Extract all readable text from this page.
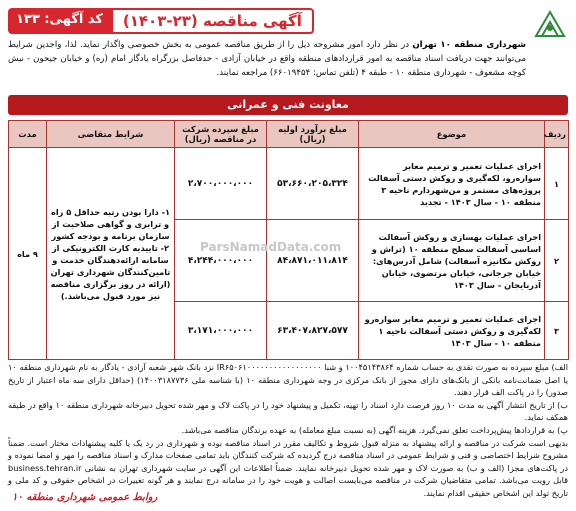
کد آگهی: ۱۳۳	آگهی مناقصه (۲۳-۱۴۰۳)
شهرداری منطقه ۱۰ تهران در نظر دارد امور مشروحه ذیل را از طریق مناقصه عمومی به بخش خصوصی واگذار نماید. لذا، واجدین شرایط می‌توانند جهت دریافت اسناد مناقصه به امور قراردادهای منطقه واقع در خیابان آزادی - حدفاصل بزرگراه یادگار امام (ره) و خیابان جیحون - نبش کوچه مشعوف - شهرداری منطقه ۱۰ - طبقه ۴ (تلفن تماس: ۶۶۰۱۹۴۵۴) مراجعه نمایند.
معاونت فنی و عمرانی
ردیف	موضوع	مبلغ برآورد اولیه (ریال)	مبلغ سپرده شرکت در مناقصه (ریال)	شرایط متقاضی	مدت
۱	اجرای عملیات تعمیر و ترمیم معابر سواره‌رو، لکه‌گیری و روکش دستی آسفالت پروژه‌های مستمر و من‌شهردارم ناحیه ۳ منطقه ۱۰ - سال ۱۴۰۳ - تجدید	۵۳،۶۶۰،۲۰۵،۳۲۴	۲،۷۰۰،۰۰۰،۰۰۰	۱- دارا بودن رتبه حداقل ۵ راه و ترابری و گواهی صلاحیت از سازمان برنامه و بودجه کشور ۲- تاییدیه کارت الکترونیکی از سامانه ارائه‌دهندگان خدمت و تامین‌کنندگان شهرداری تهران (ارائه در روز برگزاری مناقصه نیز مورد قبول می‌باشد.)	۹ ماه
۲	اجرای عملیات بهسازی و روکش آسفالت اساسی آسفالت سطح منطقه ۱۰ (تراش و روکش مکانیزه آسفالت) شامل آدرس‌های: خیابان جرجانی، خیابان مرتضوی، خیابان آذربایجان - سال ۱۴۰۳	۸۴،۸۷۱،۰۱۱،۸۱۴	۴،۲۴۴،۰۰۰،۰۰۰		
۳	اجرای عملیات تعمیر و ترمیم معابر سواره‌رو لکه‌گیری و روکش دستی آسفالت ناحیه ۱ منطقه ۱۰ - سال ۱۴۰۳	۶۳،۴۰۷،۸۲۷،۵۷۷	۳،۱۷۱،۰۰۰،۰۰۰		
ParsNamadData.com

الف) مبلغ سپرده به صورت نقدی به حساب شماره ۱۰۰۴۵۱۴۳۸۶۴ و شبا IR۶۵۰۶۱۰۰۰۰۰۰۰۰۰۰۰۰۰۰۰۰۰ نزد بانک شهر شعبه آزادی - یادگار به نام شهرداری منطقه ۱۰ یا اصل ضمانت‌نامه بانکی از بانک‌های دارای مجوز از بانک مرکزی در وجه شهرداری منطقه ۱۰ (با شناسه ملی ۱۴۰۰۳۱۸۷۷۳۶) (حداقل دارای سه ماه اعتبار از تاریخ صدور) را در پاکت الف قرار دهند.

ب) از تاریخ انتشار آگهی به مدت ۱۰ روز فرصت دارد اسناد را تهیه، تکمیل و پیشنهاد خود را در پاکت لاک و مهر شده تحویل دبیرخانه شهرداری منطقه ۱۰ واقع در طبقه همکف نماید.

پ) به قراردادها پیش‌پرداخت تعلق نمی‌گیرد. هزینه آگهی (به نسبت مبلغ معامله) به عهده برندگان مناقصه می‌باشد.

بدیهی است شرکت در مناقصه و ارائه پیشنهاد به منزله قبول شروط و تکالیف مقرر در اسناد مناقصه بوده و شهرداری در رد یک یا کلیه پیشنهادات مختار است. ضمناً مشروح شرایط اختصاصی و فنی و شرایط عمومی در اسناد مناقصه درج گردیده که شرکت کنندگان باید تمامی صفحات مدارک و اسناد مناقصه را مهر و امضا نموده و در پاکت‌های مجزا (الف و ب) به صورت لاک و مهر شده تحویل دبیرخانه نمایند. ضمناً اطلاعات این آگهی در سایت شهرداری تهران به نشانی business.tehran.ir قابل رویت می‌باشد. تمامی متقاضیان شرکت در مناقصه می‌بایست اصالت و هویت خود را در سامانه درج نمایند و هر گونه تغییرات در اشخاص حقوقی و کد ملی و تاریخ تولد این اشخاص حقیقی اقدام نمایند.

روابط عمومی شهرداری منطقه ۱۰
